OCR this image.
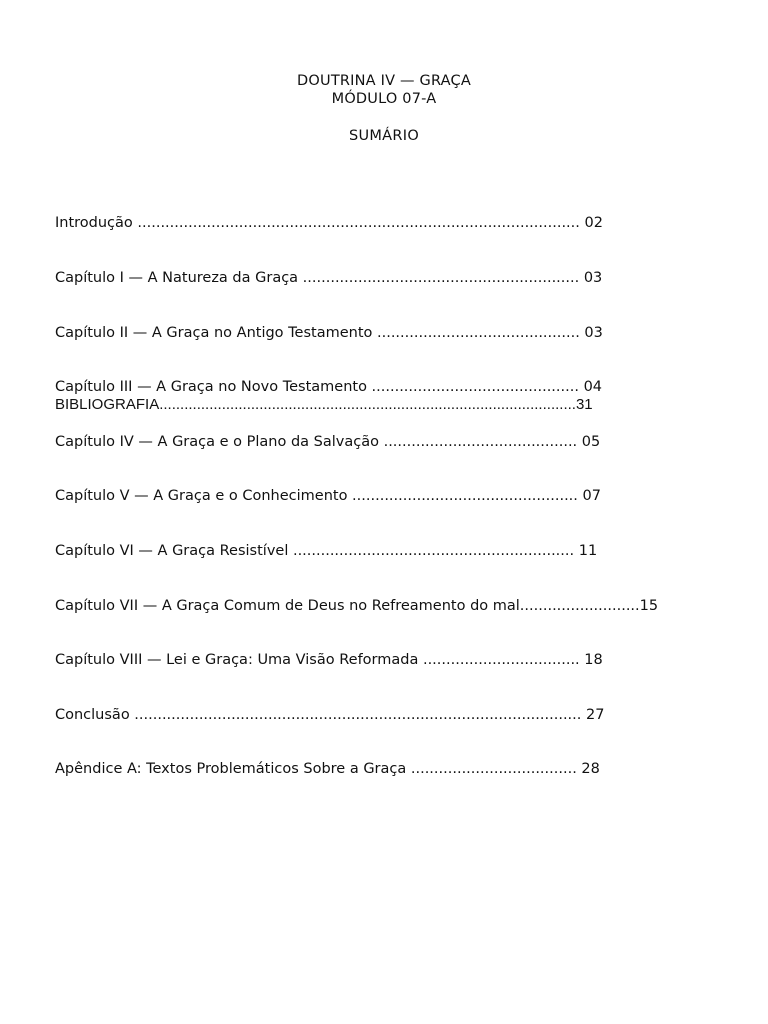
DOUTRINA IV — GRAÇA
MÓDULO 07-A
SUMÁRIO

Introdução ................................................................................................ 02

Capítulo I — A Natureza da Graça ............................................................ 03

Capítulo II — A Graça no Antigo Testamento ............................................ 03

Capítulo III — A Graça no Novo Testamento ............................................. 04

Capítulo IV — A Graça e o Plano da Salvação .......................................... 05

Capítulo V — A Graça e o Conhecimento ................................................. 07

Capítulo VI — A Graça Resistível ............................................................. 11

Capítulo VII — A Graça Comum de Deus no Refreamento do mal..........................15

Capítulo VIII — Lei e Graça: Uma Visão Reformada .................................. 18

Conclusão ................................................................................................. 27

Apêndice A: Textos Problemáticos Sobre a Graça .................................... 28

BIBLIOGRAFIA....................................................................................................31
